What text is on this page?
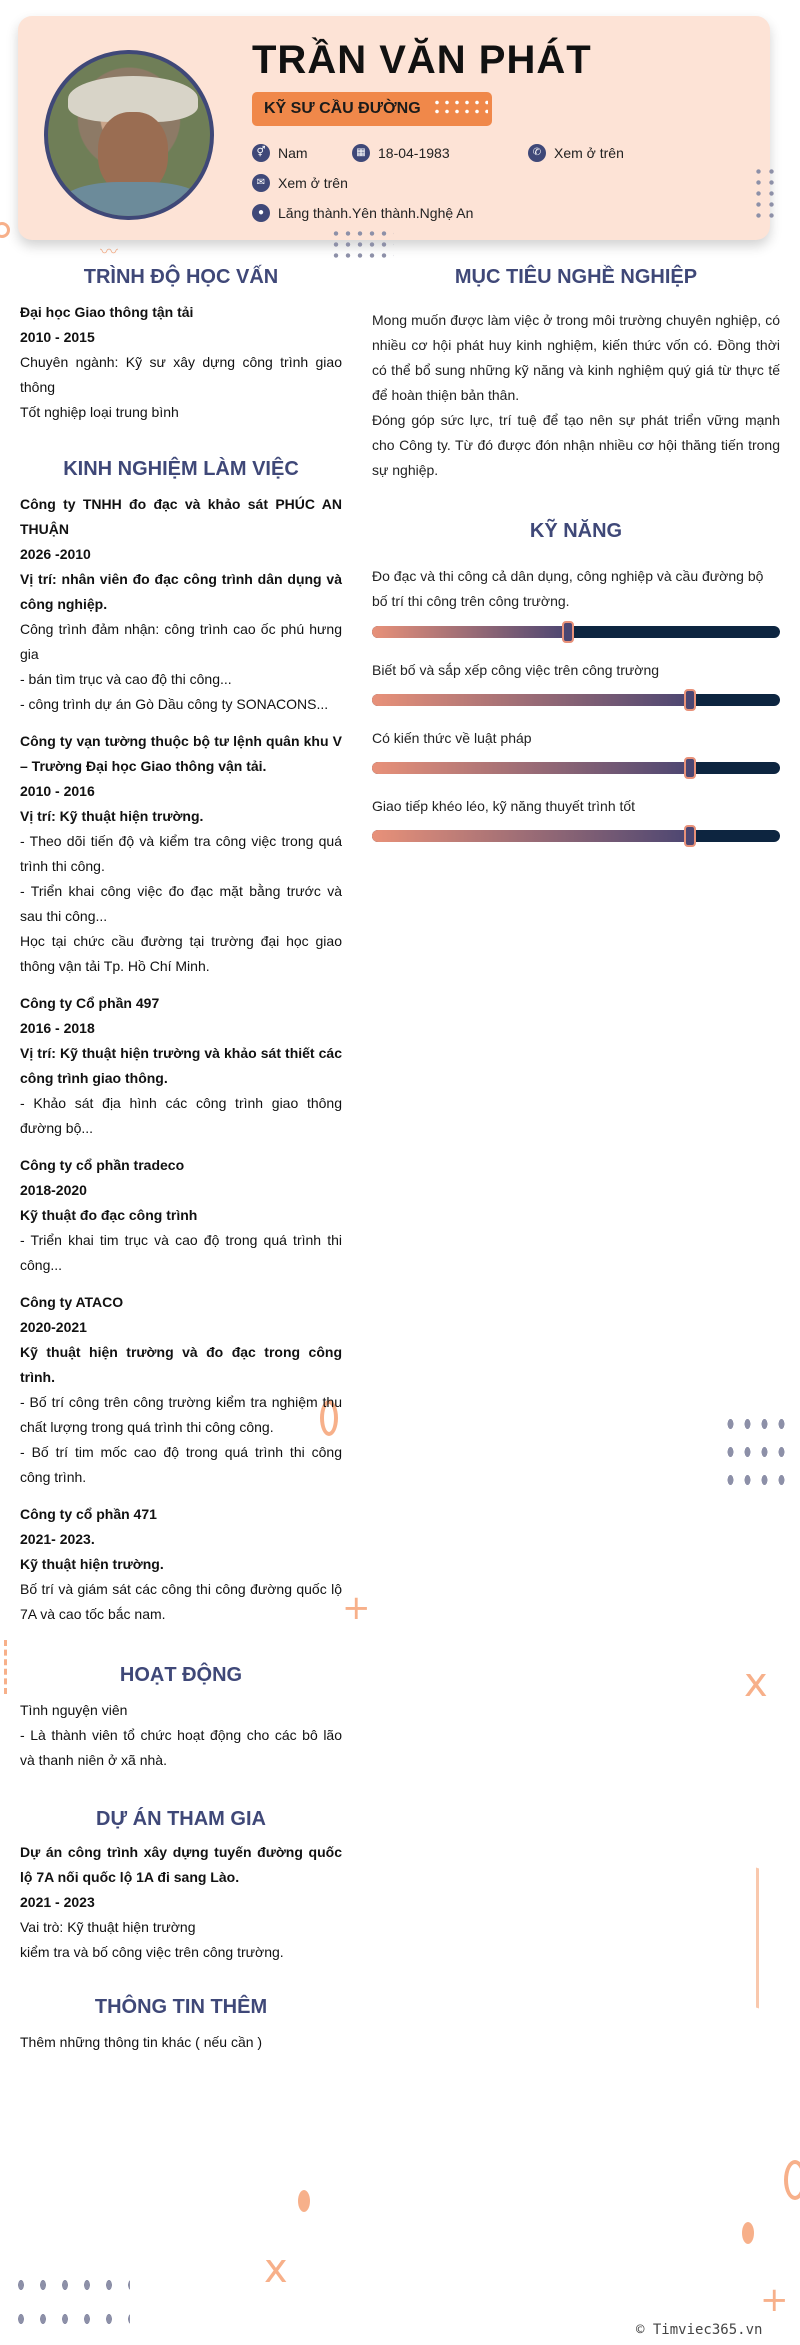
〰
+
x
x
+
TRẦN VĂN PHÁT
KỸ SƯ CẦU ĐƯỜNG
⚥ Nam	▦ 18-04-1983	✆ Xem ở trên
✉ Xem ở trên
● Lăng thành.Yên thành.Nghệ An
TRÌNH ĐỘ HỌC VẤN

Đại học Giao thông tận tải

2010 - 2015

Chuyên ngành: Kỹ sư xây dựng công trình giao thông

Tốt nghiệp loại trung bình

KINH NGHIỆM LÀM VIỆC

Công ty TNHH đo đạc và khảo sát PHÚC AN THUẬN

2026 -2010

Vị trí: nhân viên đo đạc công trình dân dụng và công nghiệp.

Công trình đảm nhận: công trình cao ốc phú hưng gia

- bán tìm trục và cao độ thi công...

- công trình dự án Gò Dầu công ty SONACONS...

Công ty vạn tường thuộc bộ tư lệnh quân khu V – Trường Đại học Giao thông vận tải.

2010 - 2016

Vị trí: Kỹ thuật hiện trường.

- Theo dõi tiến độ và kiểm tra công việc trong quá trình thi công.

- Triển khai công việc đo đạc mặt bằng trước và sau thi công...

Học tại chức cầu đường tại trường đại học giao thông vận tải Tp. Hồ Chí Minh.

Công ty Cổ phần 497

2016 - 2018

Vị trí: Kỹ thuật hiện trường và khảo sát thiết các công trình giao thông.

- Khảo sát địa hình các công trình giao thông đường bộ...

Công ty cổ phần tradeco

2018-2020

Kỹ thuật đo đạc công trình

- Triển khai tim trục và cao độ trong quá trình thi công...

Công ty ATACO

2020-2021

Kỹ thuật hiện trường và đo đạc trong công trình.

- Bố trí công trên công trường kiểm tra nghiệm thu chất lượng trong quá trình thi công công.

- Bố trí tim mốc cao độ trong quá trình thi công công trình.

Công ty cổ phần 471

2021- 2023.

Kỹ thuật hiện trường.

Bố trí và giám sát các công thi công đường quốc lộ 7A và cao tốc bắc nam.

HOẠT ĐỘNG

Tình nguyện viên

- Là thành viên tổ chức hoạt động cho các bô lão và thanh niên ở xã nhà.

DỰ ÁN THAM GIA

Dự án công trình xây dựng tuyến đường quốc lộ 7A nối quốc lộ 1A đi sang Lào.

2021 - 2023

Vai trò: Kỹ thuật hiện trường

kiểm tra và bố công việc trên công trường.

THÔNG TIN THÊM

Thêm những thông tin khác ( nếu cần )

MỤC TIÊU NGHỀ NGHIỆP

Mong muốn được làm việc ở trong môi trường chuyên nghiệp, có nhiều cơ hội phát huy kinh nghiệm, kiến thức vốn có. Đồng thời có thể bổ sung những kỹ năng và kinh nghiệm quý giá từ thực tế để hoàn thiện bản thân.

Đóng góp sức lực, trí tuệ để tạo nên sự phát triển vững mạnh cho Công ty. Từ đó được đón nhận nhiều cơ hội thăng tiến trong sự nghiệp.

KỸ NĂNG
Đo đạc và thi công cả dân dụng, công nghiệp và cầu đường bộ bố trí thi công trên công trường.
Biết bố và sắp xếp công việc trên công trường
Có kiến thức về luật pháp
Giao tiếp khéo léo, kỹ năng thuyết trình tốt
© Timviec365.vn
